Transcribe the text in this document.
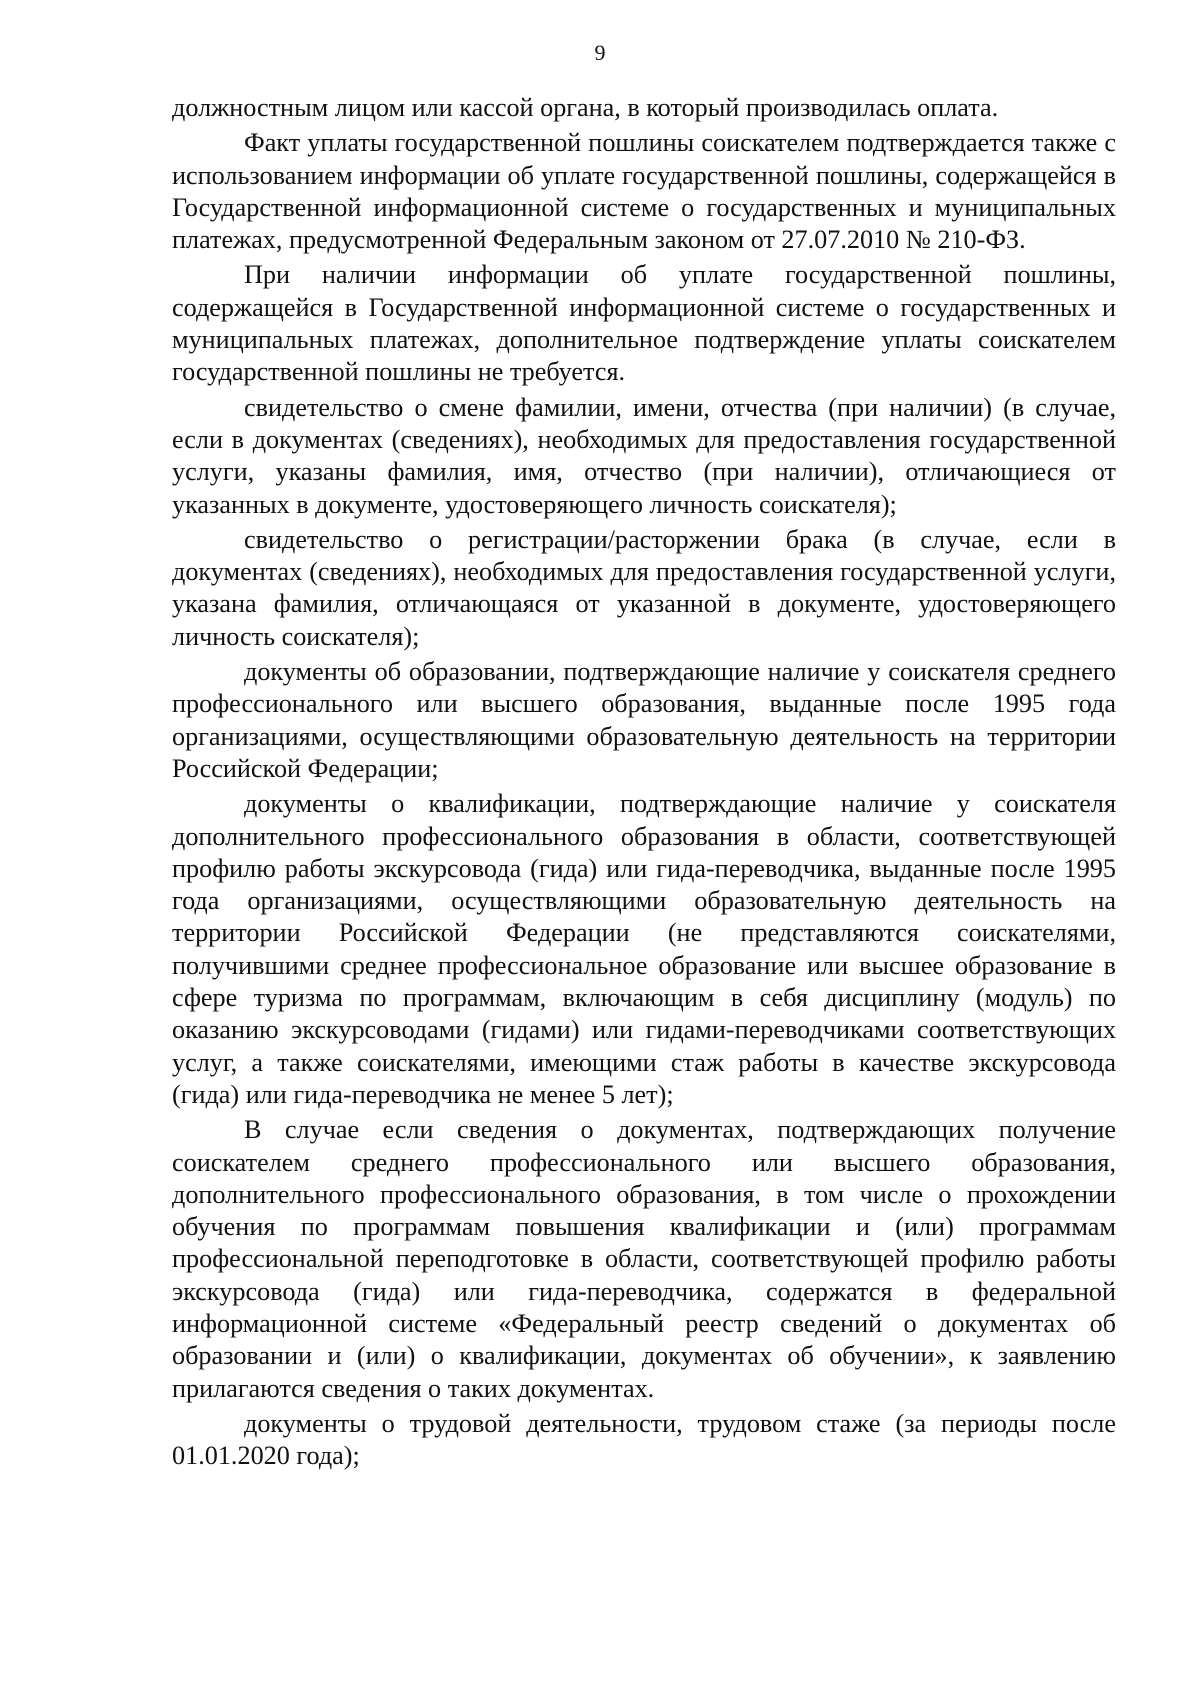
9

должностным лицом или кассой органа, в который производилась оплата.

Факт уплаты государственной пошлины соискателем подтверждается также с использованием информации об уплате государственной пошлины, содержащейся в Государственной информационной системе о государственных и муниципальных платежах, предусмотренной Федеральным законом от 27.07.2010 № 210-ФЗ.

При наличии информации об уплате государственной пошлины, содержащейся в Государственной информационной системе о государственных и муниципальных платежах, дополнительное подтверждение уплаты соискателем государственной пошлины не требуется.

свидетельство о смене фамилии, имени, отчества (при наличии) (в случае, если в документах (сведениях), необходимых для предоставления государственной услуги, указаны фамилия, имя, отчество (при наличии), отличающиеся от указанных в документе, удостоверяющего личность соискателя);

свидетельство о регистрации/расторжении брака (в случае, если в документах (сведениях), необходимых для предоставления государственной услуги, указана фамилия, отличающаяся от указанной в документе, удостоверяющего личность соискателя);

документы об образовании, подтверждающие наличие у соискателя среднего профессионального или высшего образования, выданные после 1995 года организациями, осуществляющими образовательную деятельность на территории Российской Федерации;

документы о квалификации, подтверждающие наличие у соискателя дополнительного профессионального образования в области, соответствующей профилю работы экскурсовода (гида) или гида-переводчика, выданные после 1995 года организациями, осуществляющими образовательную деятельность на территории Российской Федерации (не представляются соискателями, получившими среднее профессиональное образование или высшее образование в сфере туризма по программам, включающим в себя дисциплину (модуль) по оказанию экскурсоводами (гидами) или гидами-переводчиками соответствующих услуг, а также соискателями, имеющими стаж работы в качестве экскурсовода (гида) или гида-переводчика не менее 5 лет);

В случае если сведения о документах, подтверждающих получение соискателем среднего профессионального или высшего образования, дополнительного профессионального образования, в том числе о прохождении обучения по программам повышения квалификации и (или) программам профессиональной переподготовке в области, соответствующей профилю работы экскурсовода (гида) или гида-переводчика, содержатся в федеральной информационной системе «Федеральный реестр сведений о документах об образовании и (или) о квалификации, документах об обучении», к заявлению прилагаются сведения о таких документах.

документы о трудовой деятельности, трудовом стаже (за периоды после 01.01.2020 года);
